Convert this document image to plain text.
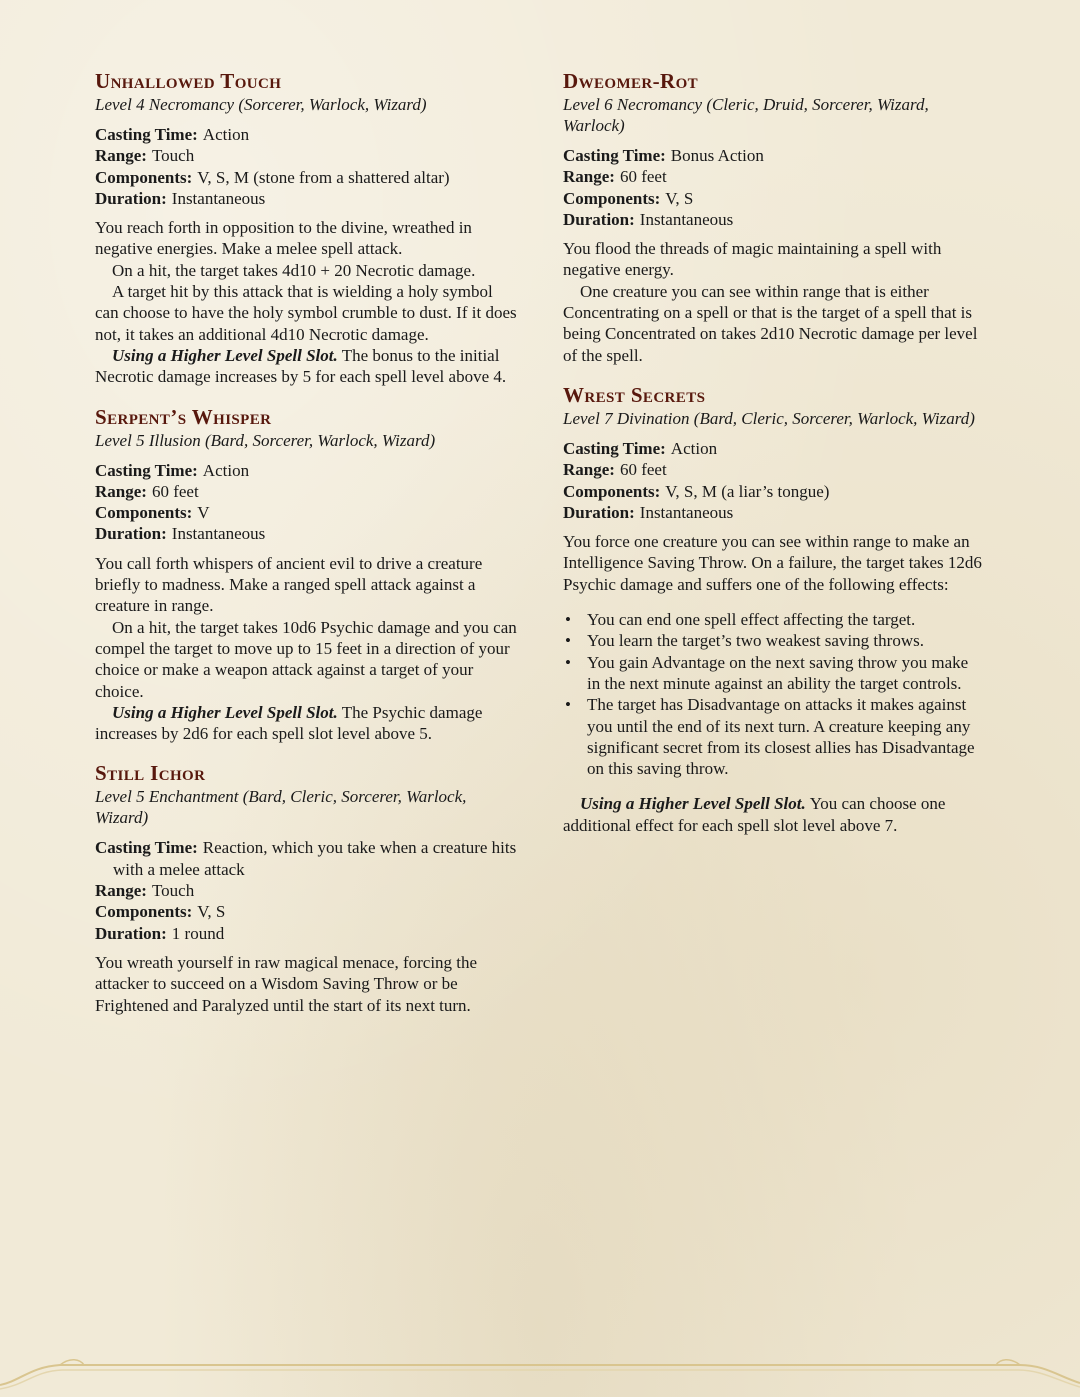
Unhallowed Touch

Level 4 Necromancy (Sorcerer, Warlock, Wizard)

Casting Time: Action

Range: Touch

Components: V, S, M (stone from a shattered altar)

Duration: Instantaneous

You reach forth in opposition to the divine, wreathed in negative energies. Make a melee spell attack.

On a hit, the target takes 4d10 + 20 Necrotic damage.

A target hit by this attack that is wielding a holy symbol can choose to have the holy symbol crumble to dust. If it does not, it takes an additional 4d10 Necrotic damage.

Using a Higher Level Spell Slot. The bonus to the initial Necrotic damage increases by 5 for each spell level above 4.

Serpent’s Whisper

Level 5 Illusion (Bard, Sorcerer, Warlock, Wizard)

Casting Time: Action

Range: 60 feet

Components: V

Duration: Instantaneous

You call forth whispers of ancient evil to drive a creature briefly to madness. Make a ranged spell attack against a creature in range.

On a hit, the target takes 10d6 Psychic damage and you can compel the target to move up to 15 feet in a direction of your choice or make a weapon attack against a target of your choice.

Using a Higher Level Spell Slot. The Psychic damage increases by 2d6 for each spell slot level above 5.

Still Ichor

Level 5 Enchantment (Bard, Cleric, Sorcerer, Warlock, Wizard)

Casting Time: Reaction, which you take when a creature hits with a melee attack

Range: Touch

Components: V, S

Duration: 1 round

You wreath yourself in raw magical menace, forcing the attacker to succeed on a Wisdom Saving Throw or be Frightened and Paralyzed until the start of its next turn.

Dweomer-Rot

Level 6 Necromancy (Cleric, Druid, Sorcerer, Wizard, Warlock)

Casting Time: Bonus Action

Range: 60 feet

Components: V, S

Duration: Instantaneous

You flood the threads of magic maintaining a spell with negative energy.

One creature you can see within range that is either Concentrating on a spell or that is the target of a spell that is being Concentrated on takes 2d10 Necrotic damage per level of the spell.

Wrest Secrets

Level 7 Divination (Bard, Cleric, Sorcerer, Warlock, Wizard)

Casting Time: Action

Range: 60 feet

Components: V, S, M (a liar’s tongue)

Duration: Instantaneous

You force one creature you can see within range to make an Intelligence Saving Throw. On a failure, the target takes 12d6 Psychic damage and suffers one of the following effects:

• You can end one spell effect affecting the target.
• You learn the target’s two weakest saving throws.
• You gain Advantage on the next saving throw you make in the next minute against an ability the target controls.
• The target has Disadvantage on attacks it makes against you until the end of its next turn. A creature keeping any significant secret from its closest allies has Disadvantage on this saving throw.

Using a Higher Level Spell Slot. You can choose one additional effect for each spell slot level above 7.
